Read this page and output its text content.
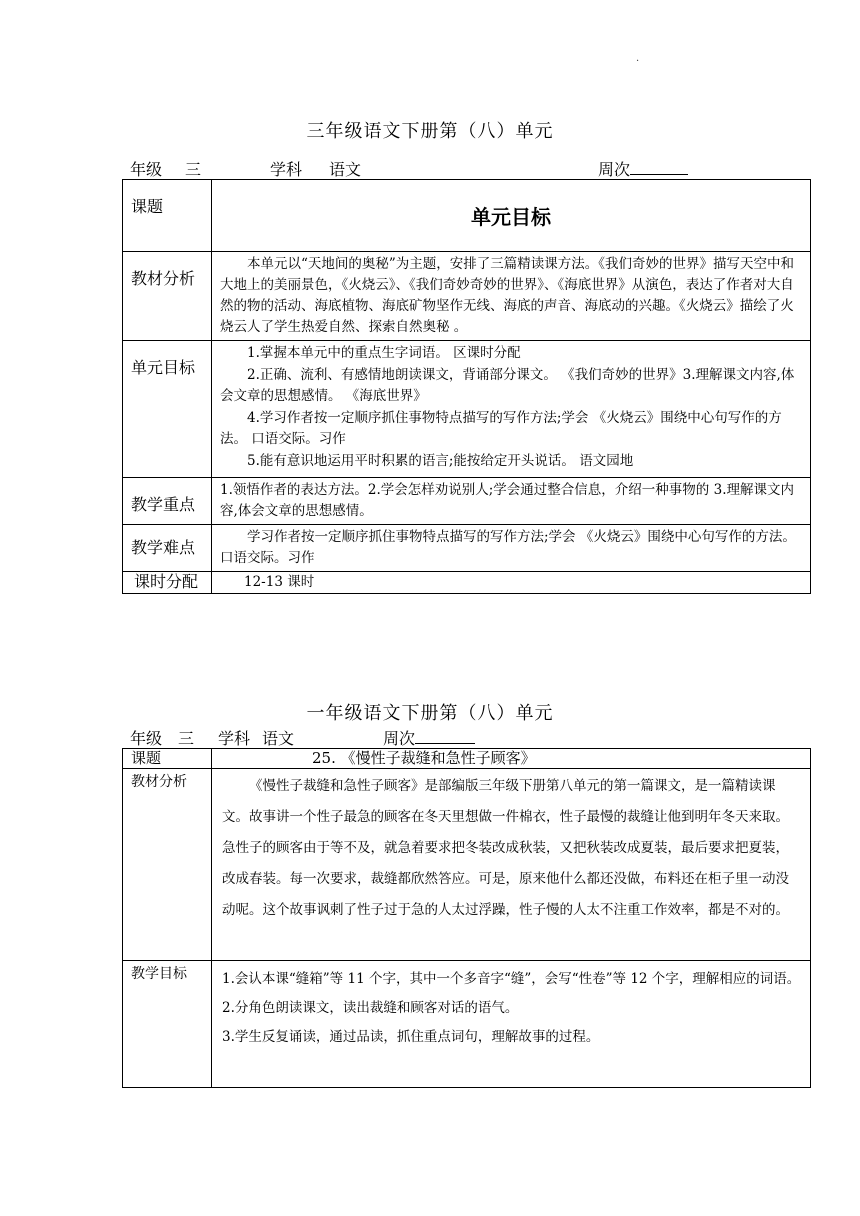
·
三年级语文下册第（八）单元
年级 三	学科 语文	周次
课题	单元目标
教材分析	本单元以“天地间的奥秘”为主题，安排了三篇精读课方法。《我们奇妙的世界》描写天空中和大地上的美丽景色，《火烧云》、《我们奇妙奇妙的世界》、《海底世界》从演色，表达了作者对大自然的物的活动、海底植物、海底矿物坚作无线、海底的声音、海底动的兴趣。《火烧云》描绘了火烧云人了学生热爱自然、探索自然奥秘 。

单元目标	1.掌握本单元中的重点生字词语。 区课时分配

2.正确、流利、有感情地朗读课文，背诵部分课文。 《我们奇妙的世界》3.理解课文内容,体会文章的思想感情。 《海底世界》

4.学习作者按一定顺序抓住事物特点描写的写作方法;学会 《火烧云》围绕中心句写作的方法。 口语交际。习作

5.能有意识地运用平时积累的语言;能按给定开头说话。 语文园地

教学重点	1.领悟作者的表达方法。2.学会怎样劝说别人;学会通过整合信息，介绍一种事物的 3.理解课文内容,体会文章的思想感情。
教学难点	学习作者按一定顺序抓住事物特点描写的写作方法;学会 《火烧云》围绕中心句写作的方法。 口语交际。习作

课时分配	12-13 课时
一年级语文下册第（八）单元
年级 三	学科 语文	周次
课题	25. 《慢性子裁缝和急性子顾客》
教材分析	《慢性子裁缝和急性子顾客》是部编版三年级下册第八单元的第一篇课文，是一篇精读课文。故事讲一个性子最急的顾客在冬天里想做一件棉衣，性子最慢的裁缝让他到明年冬天来取。急性子的顾客由于等不及，就急着要求把冬装改成秋装，又把秋装改成夏装，最后要求把夏装，改成春装。每一次要求，裁缝都欣然答应。可是，原来他什么都还没做，布料还在柜子里一动没动呢。这个故事讽刺了性子过于急的人太过浮躁，性子慢的人太不注重工作效率，都是不对的。

教学目标	1.会认本课“缝箱”等 11 个字，其中一个多音字“缝”，会写“性卷”等 12 个字，理解相应的词语。

2.分角色朗读课文，读出裁缝和顾客对话的语气。

3.学生反复诵读，通过品读，抓住重点词句，理解故事的过程。
